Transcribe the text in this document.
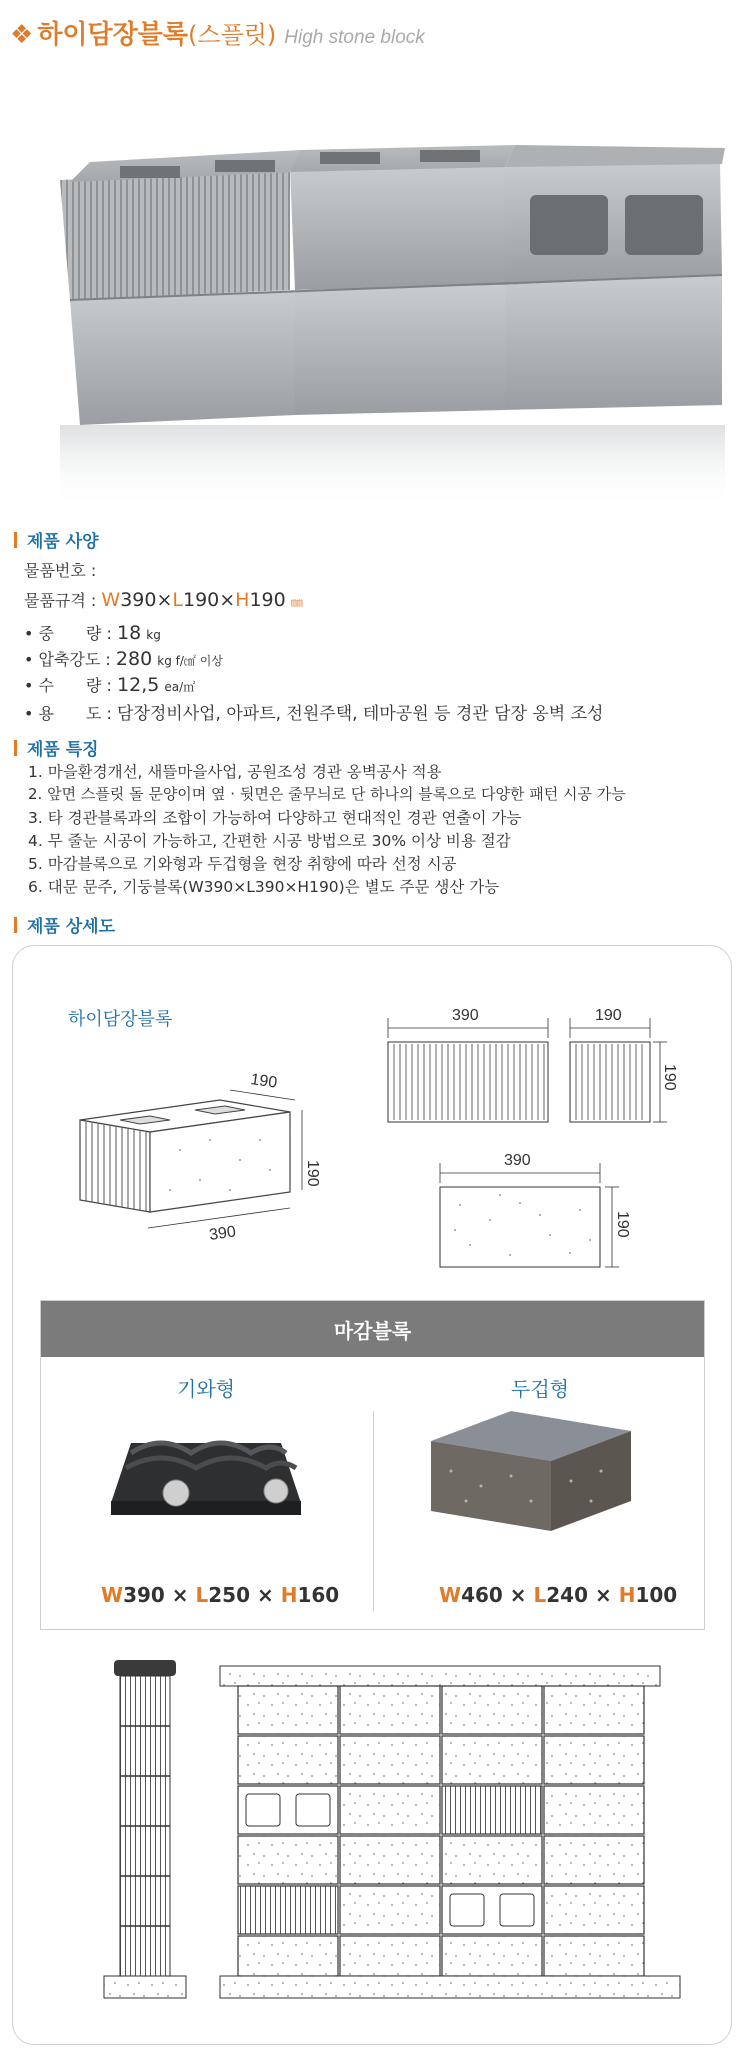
❖ 하이담장블록 (스플릿) High stone block
제품 사양
물품번호 :
물품규격 : W390×L190×H190 ㎜
• 중　　량 : 18 kg
• 압축강도 : 280 kg f/㎠ 이상
• 수　　량 : 12,5 ea/㎡
• 용　　도 : 담장정비사업, 아파트, 전원주택, 테마공원 등 경관 담장 옹벽 조성
제품 특징
1. 마을환경개선, 새뜰마을사업, 공원조성 경관 옹벽공사 적용
2. 앞면 스플릿 돌 문양이며 옆 · 뒷면은 줄무늬로 단 하나의 블록으로 다양한 패턴 시공 가능
3. 타 경관블록과의 조합이 가능하여 다양하고 현대적인 경관 연출이 가능
4. 무 줄눈 시공이 가능하고, 간편한 시공 방법으로 30% 이상 비용 절감
5. 마감블록으로 기와형과 두겁형을 현장 취향에 따라 선정 시공
6. 대문 문주, 기둥블록(W390×L390×H190)은 별도 주문 생산 가능
제품 상세도
하이담장블록
190
190
390
390	190
190
390
190
마감블록
기와형	두겁형
W390 × L250 × H160	W460 × L240 × H100
